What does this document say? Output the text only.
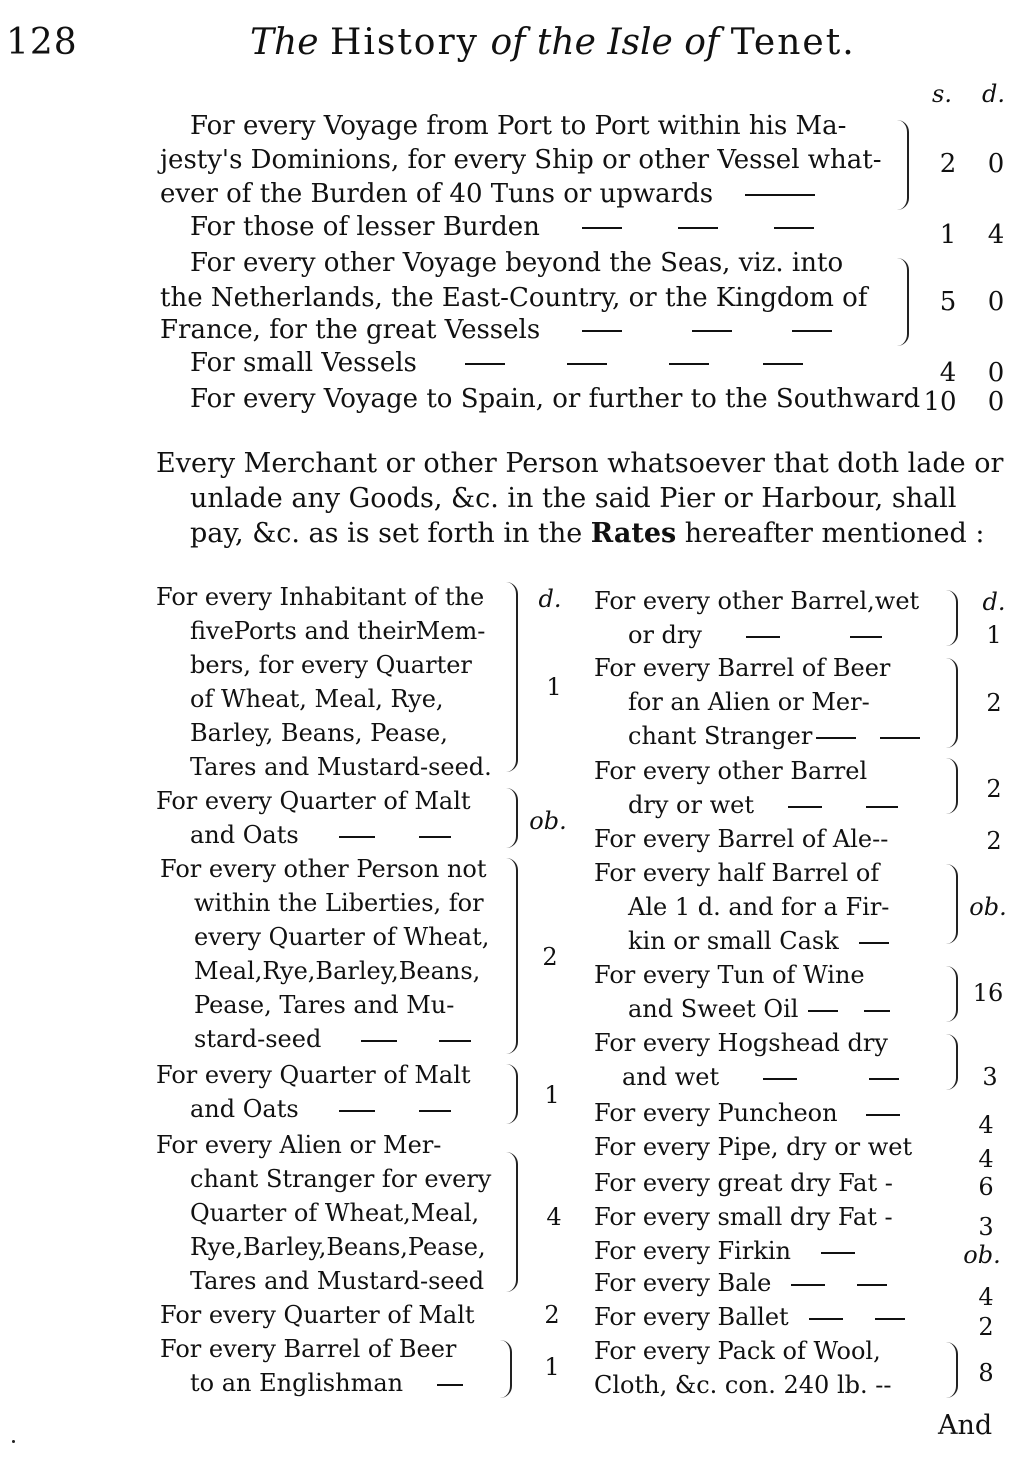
128	The History of the Isle of Tenet.
s. d.
For every Voyage from Port to Port within his Ma-
jesty's Dominions, for every Ship or other Vessel what-
ever of the Burden of 40 Tuns or upwards
2	0
For those of lesser Burden	1	4
For every other Voyage beyond the Seas, viz. into
the Netherlands, the East-Country, or the Kingdom of
France, for the great Vessels
5	0
For small Vessels	4	0
For every Voyage to Spain, or further to the Southward 10	0
Every Merchant or other Person whatsoever that doth lade or
unlade any Goods, &c. in the said Pier or Harbour, shall
pay, &c. as is set forth in the Rates hereafter mentioned :
d.
For every Inhabitant of the
fivePorts and theirMem-
bers, for every Quarter
of Wheat, Meal, Rye,
Barley, Beans, Pease,
Tares and Mustard-seed.
1
For every Quarter of Malt
and Oats	ob.
For every other Person not
within the Liberties, for
every Quarter of Wheat,
Meal,Rye,Barley,Beans,
Pease, Tares and Mu-
stard-seed
2
For every Quarter of Malt
and Oats	1
For every Alien or Mer-
chant Stranger for every
Quarter of Wheat,Meal,
Rye,Barley,Beans,Pease,
Tares and Mustard-seed
4
For every Quarter of Malt	2
For every Barrel of Beer
to an Englishman
1
d.
For every other Barrel,wet
or dry	1
For every Barrel of Beer
for an Alien or Mer-
chant Stranger
2
For every other Barrel
dry or wet
2
For every Barrel of Ale--	2
For every half Barrel of
Ale 1 d. and for a Fir-
kin or small Cask
ob.
For every Tun of Wine
and Sweet Oil
16
For every Hogshead dry
and wet	3
For every Puncheon	4
For every Pipe, dry or wet	4
For every great dry Fat -	6
For every small dry Fat -	3
For every Firkin	ob.
For every Bale	4
For every Ballet	2
For every Pack of Wool,
Cloth, &c. con. 240 lb. --	8
And
